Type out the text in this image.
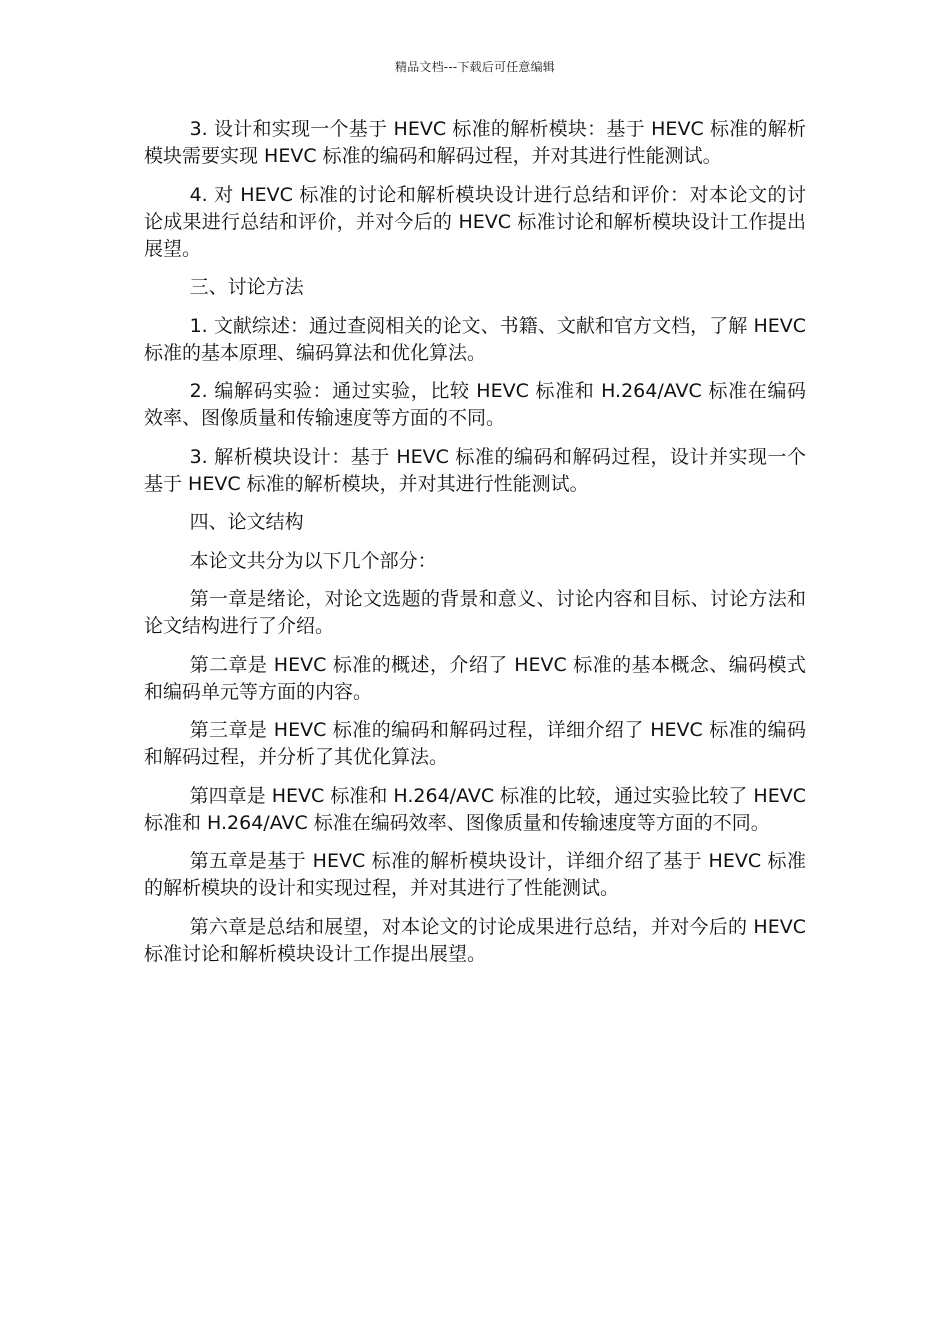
精品文档---下载后可任意编辑

3. 设计和实现一个基于 HEVC 标准的解析模块：基于 HEVC 标准的解析模块需要实现 HEVC 标准的编码和解码过程，并对其进行性能测试。

4. 对 HEVC 标准的讨论和解析模块设计进行总结和评价：对本论文的讨论成果进行总结和评价，并对今后的 HEVC 标准讨论和解析模块设计工作提出展望。

三、讨论方法

1. 文献综述：通过查阅相关的论文、书籍、文献和官方文档，了解 HEVC 标准的基本原理、编码算法和优化算法。

2. 编解码实验：通过实验，比较 HEVC 标准和 H.264/AVC 标准在编码效率、图像质量和传输速度等方面的不同。

3. 解析模块设计：基于 HEVC 标准的编码和解码过程，设计并实现一个基于 HEVC 标准的解析模块，并对其进行性能测试。

四、论文结构

本论文共分为以下几个部分：

第一章是绪论，对论文选题的背景和意义、讨论内容和目标、讨论方法和论文结构进行了介绍。

第二章是 HEVC 标准的概述，介绍了 HEVC 标准的基本概念、编码模式和编码单元等方面的内容。

第三章是 HEVC 标准的编码和解码过程，详细介绍了 HEVC 标准的编码和解码过程，并分析了其优化算法。

第四章是 HEVC 标准和 H.264/AVC 标准的比较，通过实验比较了 HEVC 标准和 H.264/AVC 标准在编码效率、图像质量和传输速度等方面的不同。

第五章是基于 HEVC 标准的解析模块设计，详细介绍了基于 HEVC 标准的解析模块的设计和实现过程，并对其进行了性能测试。

第六章是总结和展望，对本论文的讨论成果进行总结，并对今后的 HEVC 标准讨论和解析模块设计工作提出展望。
